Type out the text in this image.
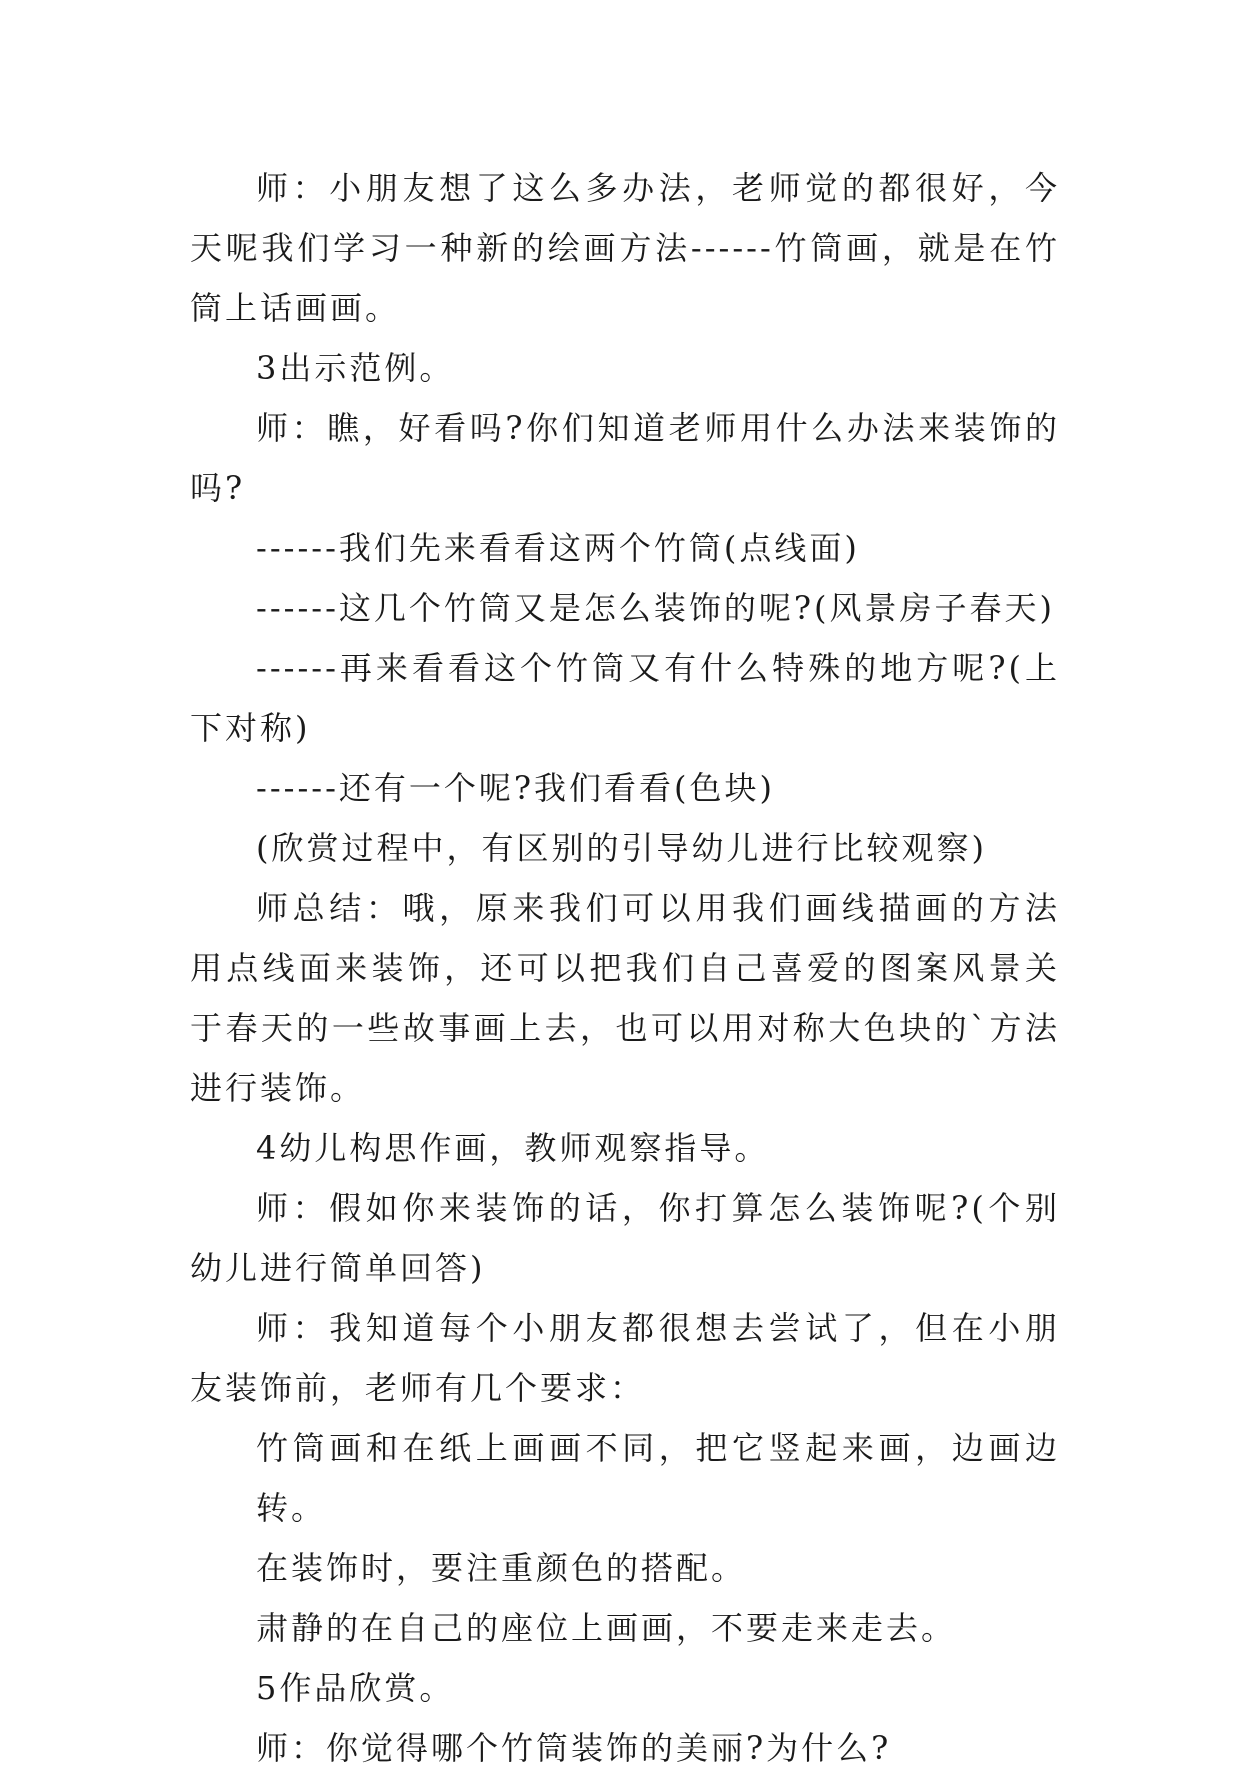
师：小朋友想了这么多办法，老师觉的都很好，今天呢我们学习一种新的绘画方法------竹筒画，就是在竹筒上话画画。

3出示范例。

师：瞧，好看吗?你们知道老师用什么办法来装饰的吗?

------我们先来看看这两个竹筒(点线面)

------这几个竹筒又是怎么装饰的呢?(风景房子春天)

------再来看看这个竹筒又有什么特殊的地方呢?(上下对称)

------还有一个呢?我们看看(色块)

(欣赏过程中，有区别的引导幼儿进行比较观察)

师总结：哦，原来我们可以用我们画线描画的方法用点线面来装饰，还可以把我们自己喜爱的图案风景关于春天的一些故事画上去，也可以用对称大色块的`方法进行装饰。

4幼儿构思作画，教师观察指导。

师：假如你来装饰的话，你打算怎么装饰呢?(个别幼儿进行简单回答)

师：我知道每个小朋友都很想去尝试了，但在小朋友装饰前，老师有几个要求：

竹筒画和在纸上画画不同，把它竖起来画，边画边转。

在装饰时，要注重颜色的搭配。

肃静的在自己的座位上画画，不要走来走去。

5作品欣赏。

师：你觉得哪个竹筒装饰的美丽?为什么?
